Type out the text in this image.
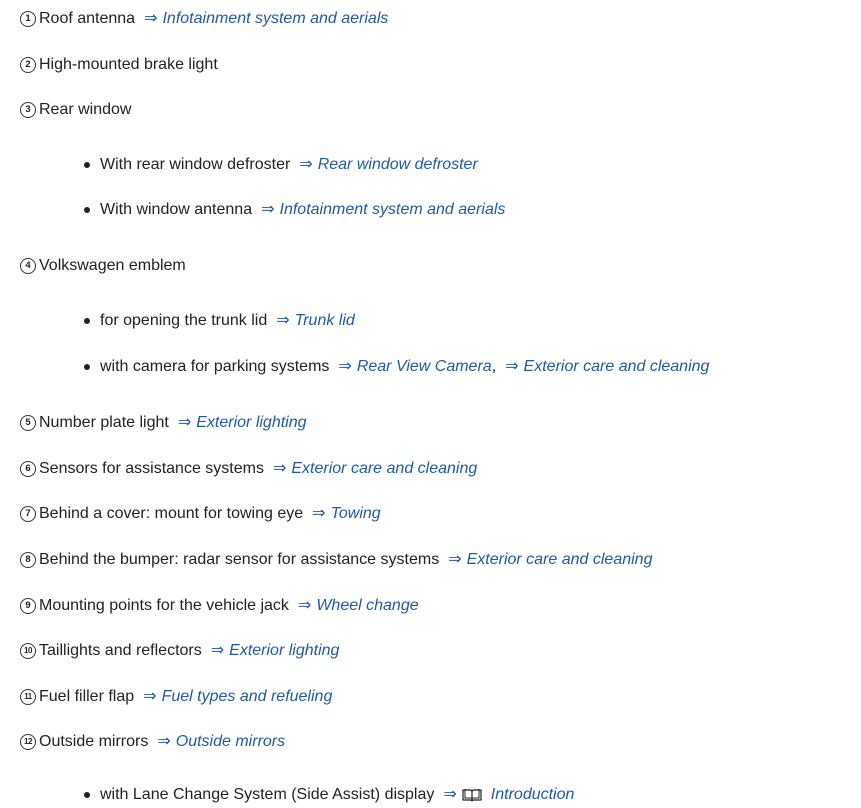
1 Roof antenna ⇒ Infotainment system and aerials
2 High-mounted brake light
3 Rear window
With rear window defroster ⇒ Rear window defroster
With window antenna ⇒ Infotainment system and aerials
4 Volkswagen emblem
for opening the trunk lid ⇒ Trunk lid
with camera for parking systems ⇒ Rear View Camera , ⇒ Exterior care and cleaning
5 Number plate light ⇒ Exterior lighting
6 Sensors for assistance systems ⇒ Exterior care and cleaning
7 Behind a cover: mount for towing eye ⇒ Towing
8 Behind the bumper: radar sensor for assistance systems ⇒ Exterior care and cleaning
9 Mounting points for the vehicle jack ⇒ Wheel change
10 Taillights and reflectors ⇒ Exterior lighting
11 Fuel filler flap ⇒ Fuel types and refueling
12 Outside mirrors ⇒ Outside mirrors
with Lane Change System (Side Assist) display ⇒ Introduction
